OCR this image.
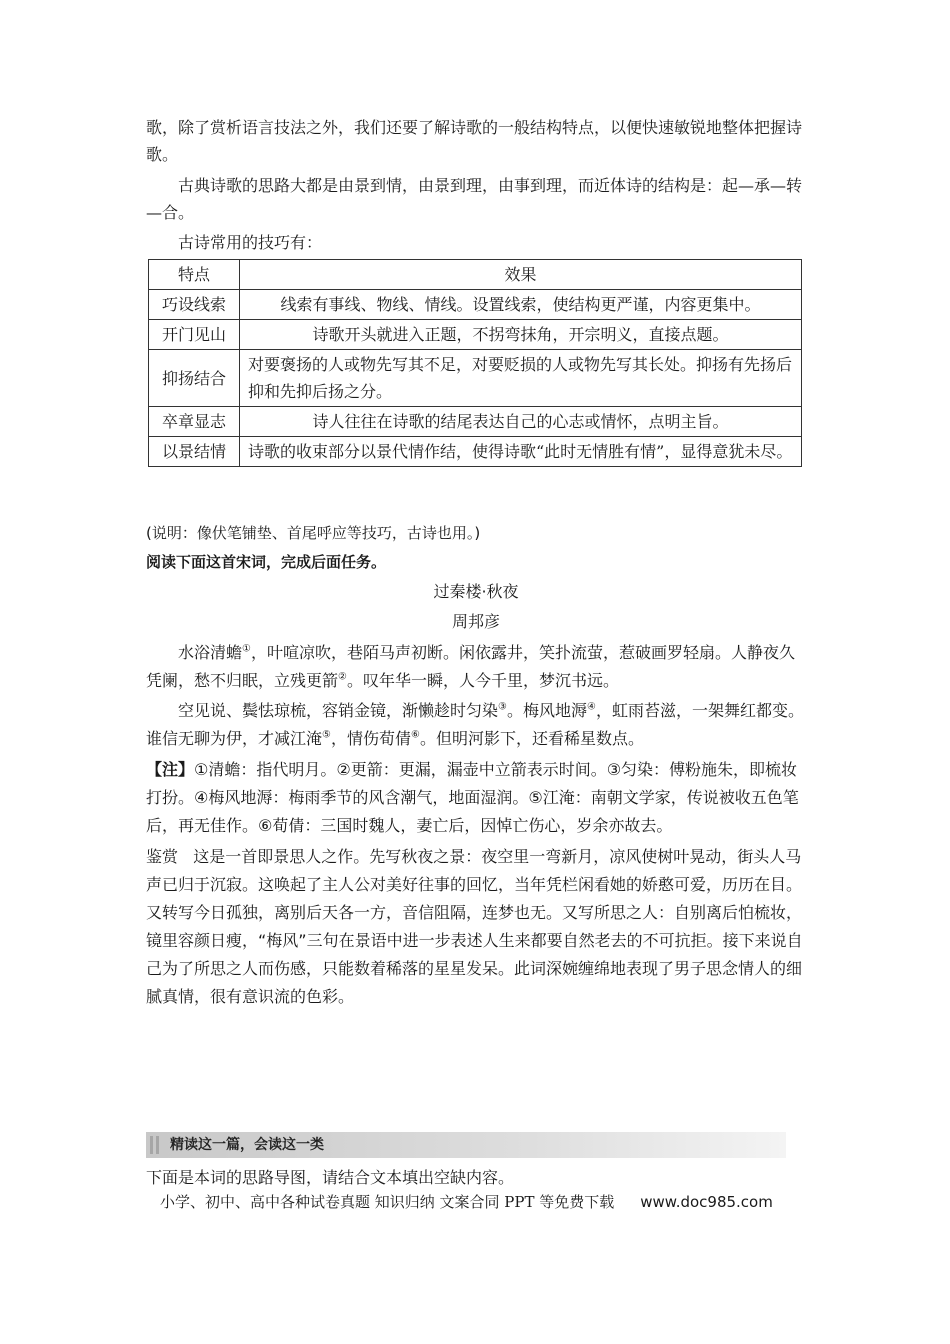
歌，除了赏析语言技法之外，我们还要了解诗歌的一般结构特点，以便快速敏锐地整体把握诗歌。

古典诗歌的思路大都是由景到情，由景到理，由事到理，而近体诗的结构是：起—承—转—合。

古诗常用的技巧有：

特点	效果
巧设线索	线索有事线、物线、情线。设置线索，使结构更严谨，内容更集中。
开门见山	诗歌开头就进入正题，不拐弯抹角，开宗明义，直接点题。
抑扬结合	对要褒扬的人或物先写其不足，对要贬损的人或物先写其长处。抑扬有先扬后抑和先抑后扬之分。
卒章显志	诗人往往在诗歌的结尾表达自己的心志或情怀，点明主旨。
以景结情	诗歌的收束部分以景代情作结，使得诗歌“此时无情胜有情”，显得意犹未尽。

(说明：像伏笔铺垫、首尾呼应等技巧，古诗也用。)

阅读下面这首宋词，完成后面任务。

过秦楼·秋夜
周邦彦

水浴清蟾①，叶喧凉吹，巷陌马声初断。闲依露井，笑扑流萤，惹破画罗轻扇。人静夜久凭阑，愁不归眠，立残更箭②。叹年华一瞬，人今千里，梦沉书远。

空见说、鬓怯琼梳，容销金镜，渐懒趁时匀染③。梅风地溽④，虹雨苔滋，一架舞红都变。谁信无聊为伊，才减江淹⑤，情伤荀倩⑥。但明河影下，还看稀星数点。

【注】①清蟾：指代明月。②更箭：更漏，漏壶中立箭表示时间。③匀染：傅粉施朱，即梳妆打扮。④梅风地溽：梅雨季节的风含潮气，地面湿润。⑤江淹：南朝文学家，传说被收五色笔后，再无佳作。⑥荀倩：三国时魏人，妻亡后，因悼亡伤心，岁余亦故去。

鉴赏 这是一首即景思人之作。先写秋夜之景：夜空里一弯新月，凉风使树叶晃动，街头人马声已归于沉寂。这唤起了主人公对美好往事的回忆，当年凭栏闲看她的娇憨可爱，历历在目。又转写今日孤独，离别后天各一方，音信阻隔，连梦也无。又写所思之人：自别离后怕梳妆，镜里容颜日瘦，“梅风”三句在景语中进一步表述人生来都要自然老去的不可抗拒。接下来说自己为了所思之人而伤感，只能数着稀落的星星发呆。此词深婉缠绵地表现了男子思念情人的细腻真情，很有意识流的色彩。

精读这一篇，会读这一类

下面是本词的思路导图，请结合文本填出空缺内容。

小学、初中、高中各种试卷真题 知识归纳 文案合同 PPT 等免费下载 www.doc985.com
